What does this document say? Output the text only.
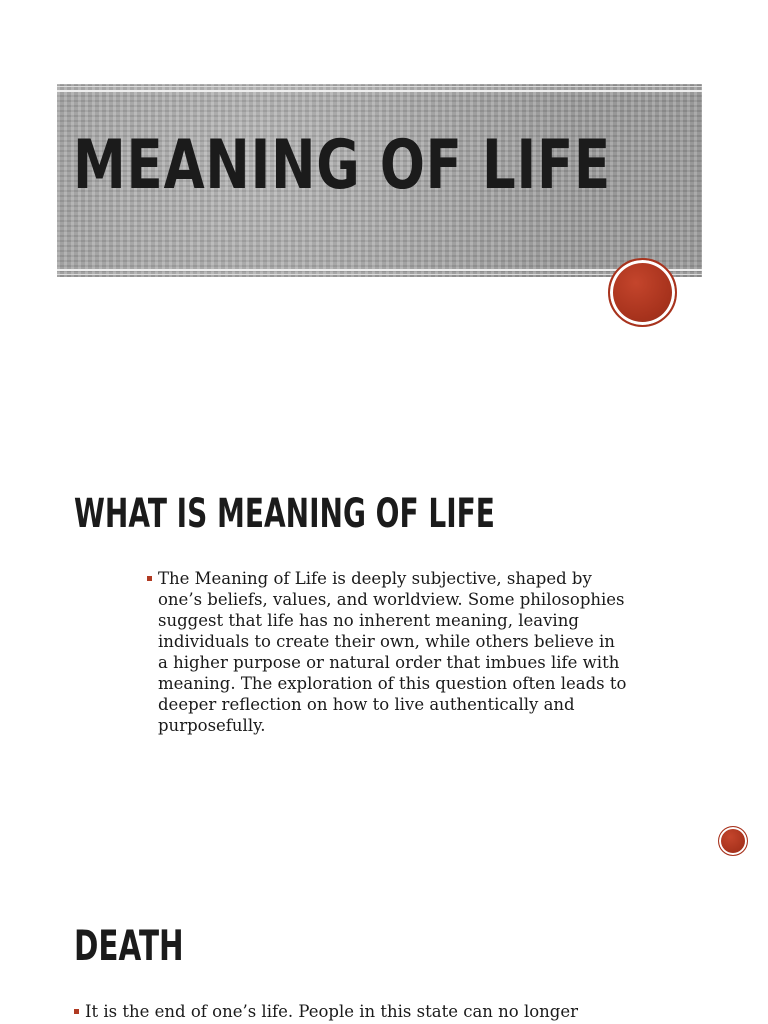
MEANING OF LIFE
WHAT IS MEANING OF LIFE
The Meaning of Life is deeply subjective, shaped by one’s beliefs, values, and worldview. Some philosophies suggest that life has no inherent meaning, leaving individuals to create their own, while others believe in a higher purpose or natural order that imbues life with meaning. The exploration of this question often leads to deeper reflection on how to live authentically and purposefully.
DEATH
It is the end of one’s life. People in this state can no longer
